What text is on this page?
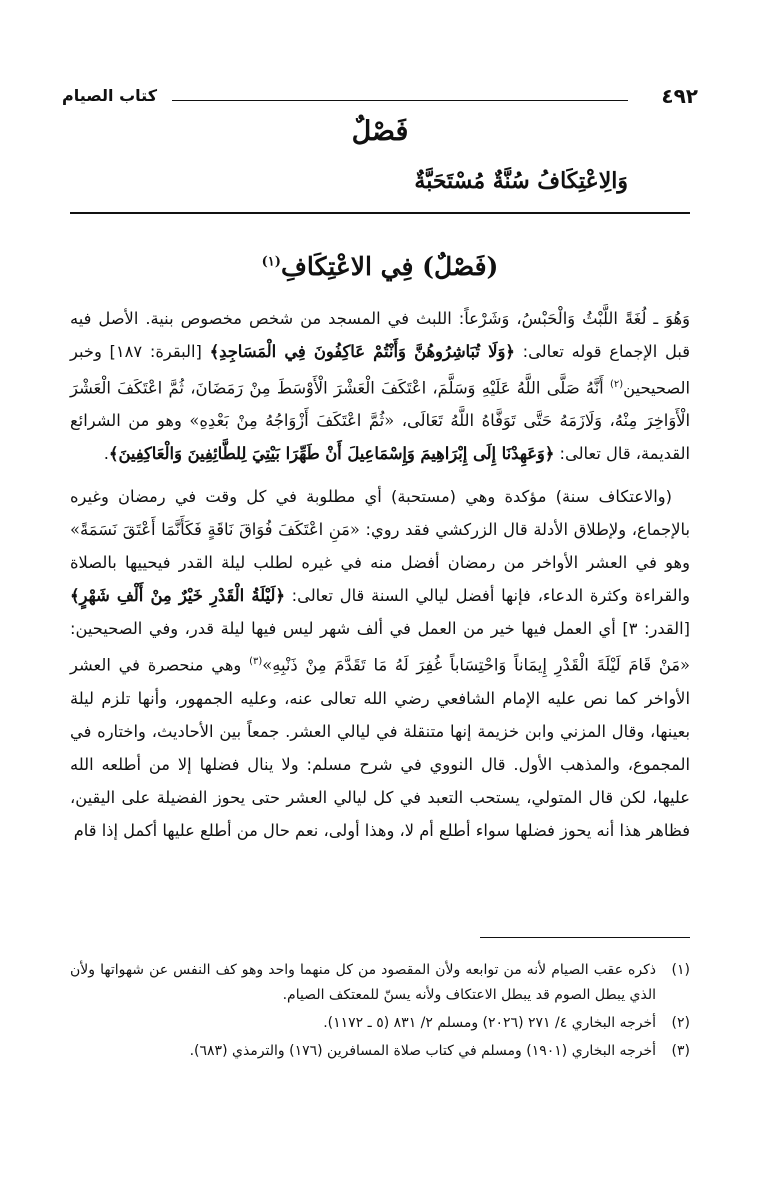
٤٩٢
كتاب الصيام
فَصْلٌ
وَالِاعْتِكَافُ سُنَّةٌ مُسْتَحَبَّةٌ
(فَصْلٌ) فِي الاعْتِكَافِ$^{(١)}$

وَهُوَ ـ لُغَةً اللَّبْثُ وَالْحَبْسُ، وَشَرْعاً: اللبث في المسجد من شخص مخصوص بنية. الأصل فيه قبل الإجماع قوله تعالى: ﴿وَلَا تُبَاشِرُوهُنَّ وَأَنْتُمْ عَاكِفُونَ فِي الْمَسَاجِدِ﴾ [البقرة: ١٨٧] وخبر الصحيحين$^{(٢)}$ أَنَّهُ صَلَّى اللَّهُ عَلَيْهِ وَسَلَّمَ، اعْتَكَفَ الْعَشْرَ الْأَوْسَطَ مِنْ رَمَضَانَ، ثُمَّ اعْتَكَفَ الْعَشْرَ الْأَوَاخِرَ مِنْهُ، وَلَازَمَهُ حَتَّى تَوَفَّاهُ اللَّهُ تَعَالَى، «ثُمَّ اعْتَكَفَ أَزْوَاجُهُ مِنْ بَعْدِهِ» وهو من الشرائع القديمة، قال تعالى: ﴿وَعَهِدْنَا إِلَى إِبْرَاهِيمَ وَإِسْمَاعِيلَ أَنْ طَهِّرَا بَيْتِيَ لِلطَّائِفِينَ وَالْعَاكِفِينَ﴾.

(والاعتكاف سنة) مؤكدة وهي (مستحبة) أي مطلوبة في كل وقت في رمضان وغيره بالإجماع، ولإطلاق الأدلة قال الزركشي فقد روي: «مَنِ اعْتَكَفَ فُوَاقَ نَاقَةٍ فَكَأَنَّمَا أَعْتَقَ نَسَمَةً» وهو في العشر الأواخر من رمضان أفضل منه في غيره لطلب ليلة القدر فيحييها بالصلاة والقراءة وكثرة الدعاء، فإنها أفضل ليالي السنة قال تعالى: ﴿لَيْلَةُ الْقَدْرِ خَيْرٌ مِنْ أَلْفِ شَهْرٍ﴾ [القدر: ٣] أي العمل فيها خير من العمل في ألف شهر ليس فيها ليلة قدر، وفي الصحيحين: «مَنْ قَامَ لَيْلَةَ الْقَدْرِ إِيمَاناً وَاحْتِسَاباً غُفِرَ لَهُ مَا تَقَدَّمَ مِنْ ذَنْبِهِ»$^{(٣)}$ وهي منحصرة في العشر الأواخر كما نص عليه الإمام الشافعي رضي الله تعالى عنه، وعليه الجمهور، وأنها تلزم ليلة بعينها، وقال المزني وابن خزيمة إنها متنقلة في ليالي العشر. جمعاً بين الأحاديث، واختاره في المجموع، والمذهب الأول. قال النووي في شرح مسلم: ولا ينال فضلها إلا من أطلعه الله عليها، لكن قال المتولي، يستحب التعبد في كل ليالي العشر حتى يحوز الفضيلة على اليقين، فظاهر هذا أنه يحوز فضلها سواء أطلع أم لا، وهذا أولى، نعم حال من أطلع عليها أكمل إذا قام

(١)
ذكره عقب الصيام لأنه من توابعه ولأن المقصود من كل منهما واحد وهو كف النفس عن شهواتها ولأن الذي يبطل الصوم قد يبطل الاعتكاف ولأنه يسنّ للمعتكف الصيام.

(٢)
أخرجه البخاري ٤/ ٢٧١ (٢٠٢٦) ومسلم ٢/ ٨٣١ (٥ ـ ١١٧٢).

(٣)
أخرجه البخاري (١٩٠١) ومسلم في كتاب صلاة المسافرين (١٧٦) والترمذي (٦٨٣).
